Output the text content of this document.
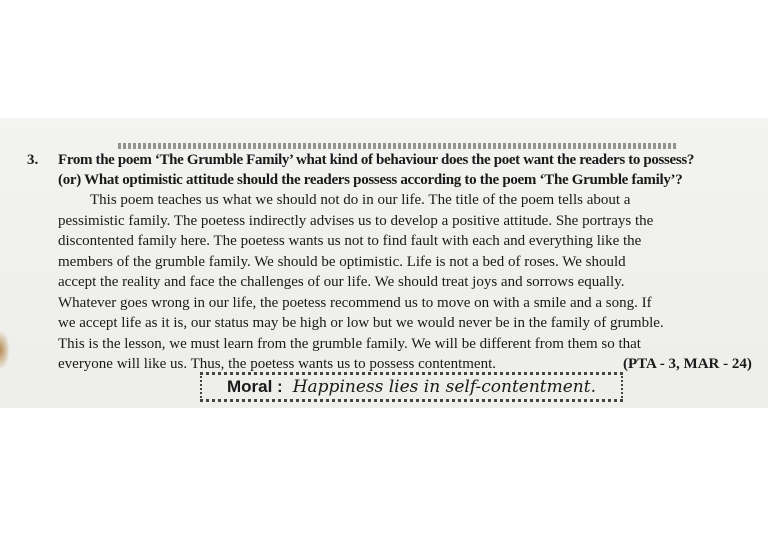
3. From the poem ‘The Grumble Family’ what kind of behaviour does the poet want the readers to possess?
(or) What optimistic attitude should the readers possess according to the poem ‘The Grumble family’?
This poem teaches us what we should not do in our life. The title of the poem tells about a
pessimistic family. The poetess indirectly advises us to develop a positive attitude. She portrays the
discontented family here. The poetess wants us not to find fault with each and everything like the
members of the grumble family. We should be optimistic. Life is not a bed of roses. We should
accept the reality and face the challenges of our life. We should treat joys and sorrows equally.
Whatever goes wrong in our life, the poetess recommend us to move on with a smile and a song. If
we accept life as it is, our status may be high or low but we would never be in the family of grumble.
This is the lesson, we must learn from the grumble family. We will be different from them so that
everyone will like us. Thus, the poetess wants us to possess contentment.	(PTA - 3, MAR - 24)
Moral : Happiness lies in self-contentment.
